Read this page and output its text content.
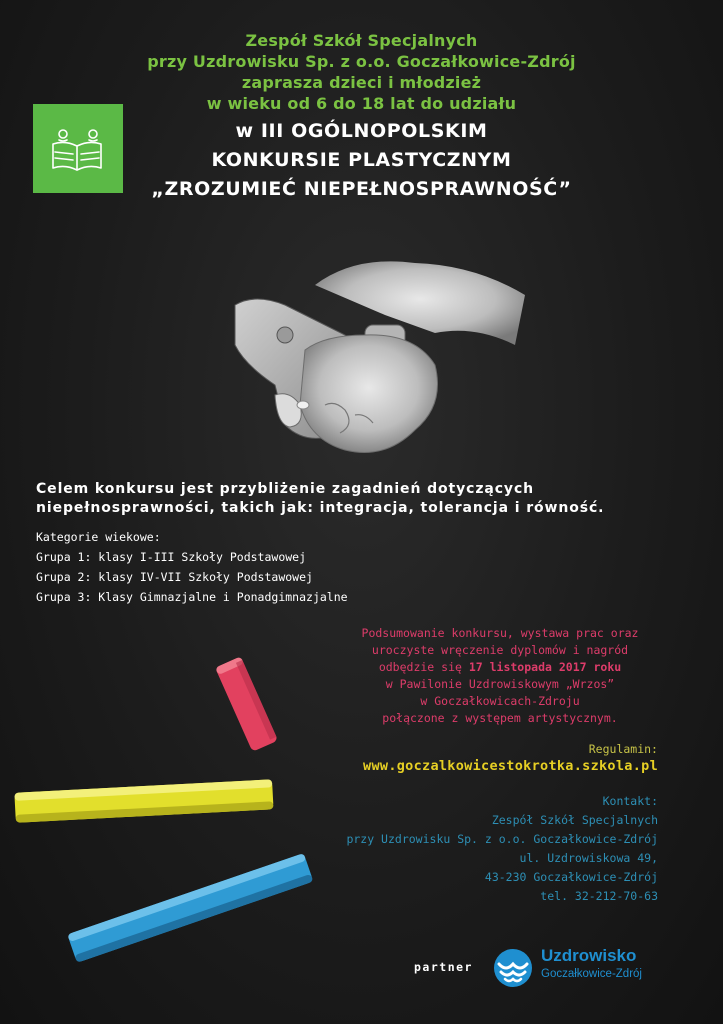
Zespół Szkół Specjalnych
przy Uzdrowisku Sp. z o.o. Goczałkowice-Zdrój
zaprasza dzieci i młodzież
w wieku od 6 do 18 lat do udziału
w III OGÓLNOPOLSKIM
KONKURSIE PLASTYCZNYM
„ZROZUMIEĆ NIEPEŁNOSPRAWNOŚĆ”
Celem konkursu jest przybliżenie zagadnień dotyczących
niepełnosprawności, takich jak: integracja, tolerancja i równość.
Kategorie wiekowe:
Grupa 1: klasy I-III Szkoły Podstawowej
Grupa 2: klasy IV-VII Szkoły Podstawowej
Grupa 3: Klasy Gimnazjalne i Ponadgimnazjalne
Podsumowanie konkursu, wystawa prac oraz
uroczyste wręczenie dyplomów i nagród
odbędzie się 17 listopada 2017 roku
w Pawilonie Uzdrowiskowym „Wrzos”
w Goczałkowicach-Zdroju
połączone z występem artystycznym.
Regulamin:
www.goczalkowicestokrotka.szkola.pl
Kontakt:
Zespół Szkół Specjalnych
przy Uzdrowisku Sp. z o.o. Goczałkowice-Zdrój
ul. Uzdrowiskowa 49,
43-230 Goczałkowice-Zdrój
tel. 32-212-70-63
partner
Uzdrowisko
Goczałkowice-Zdrój
